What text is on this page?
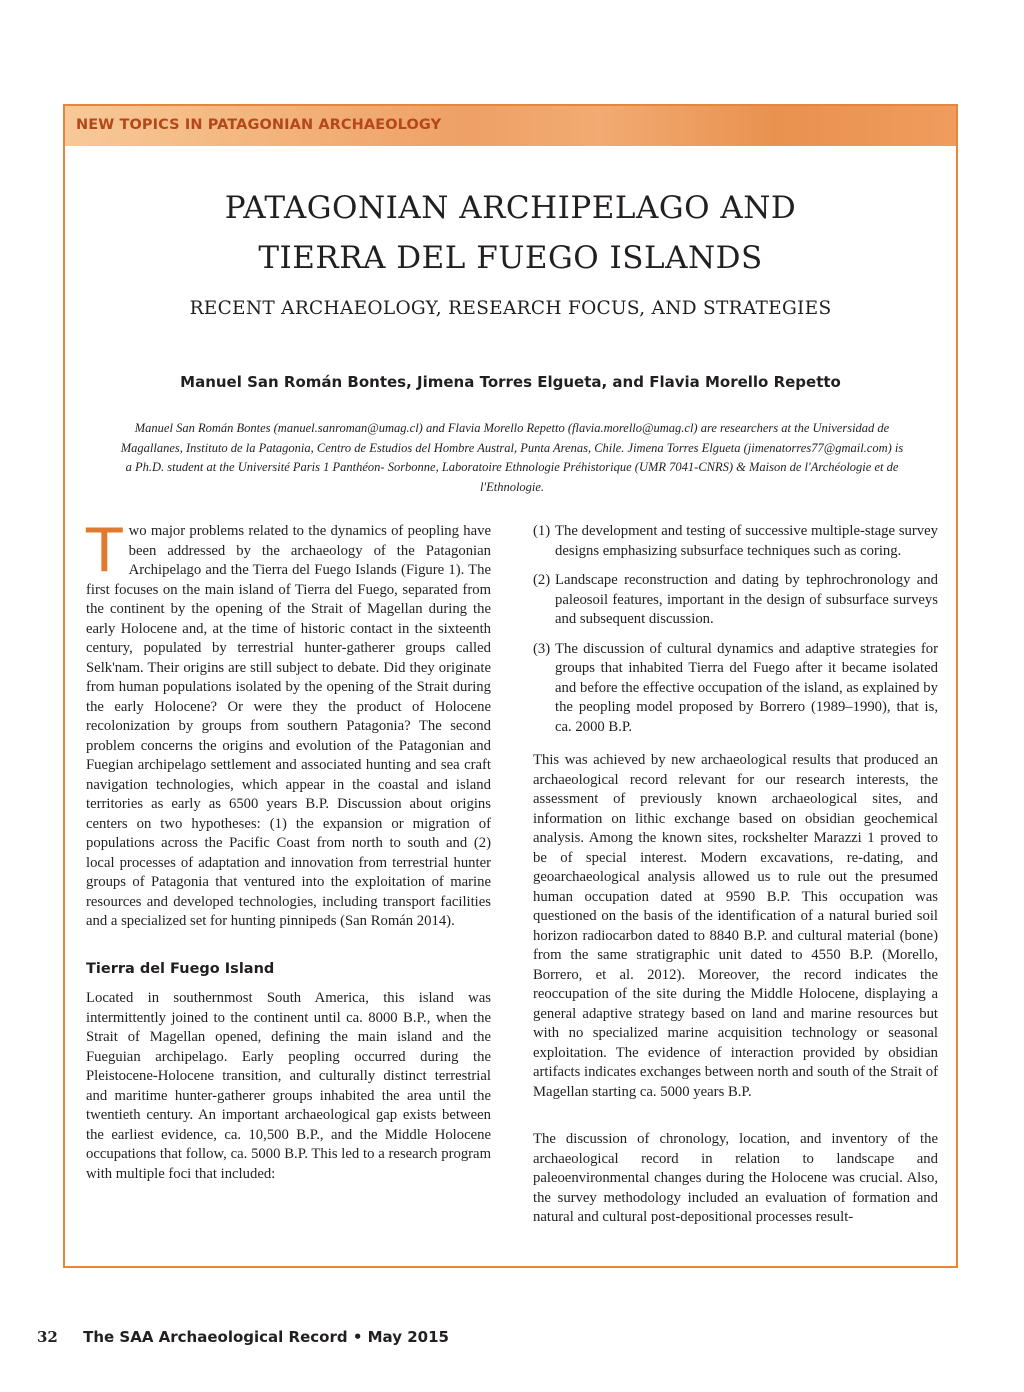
NEW TOPICS IN PATAGONIAN ARCHAEOLOGY
PATAGONIAN ARCHIPELAGO AND
TIERRA DEL FUEGO ISLANDS
RECENT ARCHAEOLOGY, RESEARCH FOCUS, AND STRATEGIES
Manuel San Román Bontes, Jimena Torres Elgueta, and Flavia Morello Repetto
Manuel San Román Bontes (manuel.sanroman@umag.cl) and Flavia Morello Repetto (flavia.morello@umag.cl) are researchers at the Universidad de Magallanes, Instituto de la Patagonia, Centro de Estudios del Hombre Austral, Punta Arenas, Chile. Jimena Torres Elgueta (jimenatorres77@gmail.com) is a Ph.D. student at the Université Paris 1 Panthéon- Sorbonne, Laboratoire Ethnologie Préhistorique (UMR 7041-CNRS) & Maison de l'Archéologie et de l'Ethnologie.

Two major problems related to the dynamics of peopling have been addressed by the archaeology of the Patagonian Archipelago and the Tierra del Fuego Islands (Figure 1). The first focuses on the main island of Tierra del Fuego, separated from the continent by the opening of the Strait of Magellan during the early Holocene and, at the time of historic contact in the sixteenth century, populated by terrestrial hunter-gatherer groups called Selk'nam. Their origins are still subject to debate. Did they originate from human populations isolated by the opening of the Strait during the early Holocene? Or were they the product of Holocene recolonization by groups from southern Patagonia? The second problem concerns the origins and evolution of the Patagonian and Fuegian archipelago settlement and associated hunting and sea craft navigation technologies, which appear in the coastal and island territories as early as 6500 years B.P. Discussion about origins centers on two hypotheses: (1) the expansion or migration of populations across the Pacific Coast from north to south and (2) local processes of adaptation and innovation from terrestrial hunter groups of Patagonia that ventured into the exploitation of marine resources and developed technologies, including transport facilities and a specialized set for hunting pinnipeds (San Román 2014).

Tierra del Fuego Island

Located in southernmost South America, this island was intermittently joined to the continent until ca. 8000 B.P., when the Strait of Magellan opened, defining the main island and the Fueguian archipelago. Early peopling occurred during the Pleistocene-Holocene transition, and culturally distinct terrestrial and maritime hunter-gatherer groups inhabited the area until the twentieth century. An important archaeological gap exists between the earliest evidence, ca. 10,500 B.P., and the Middle Holocene occupations that follow, ca. 5000 B.P. This led to a research program with multiple foci that included:

(1) The development and testing of successive multiple-stage survey designs emphasizing subsurface techniques such as coring.

(2) Landscape reconstruction and dating by tephrochronology and paleosoil features, important in the design of subsurface surveys and subsequent discussion.

(3) The discussion of cultural dynamics and adaptive strategies for groups that inhabited Tierra del Fuego after it became isolated and before the effective occupation of the island, as explained by the peopling model proposed by Borrero (1989–1990), that is, ca. 2000 B.P.

This was achieved by new archaeological results that produced an archaeological record relevant for our research interests, the assessment of previously known archaeological sites, and information on lithic exchange based on obsidian geochemical analysis. Among the known sites, rockshelter Marazzi 1 proved to be of special interest. Modern excavations, re-dating, and geoarchaeological analysis allowed us to rule out the presumed human occupation dated at 9590 B.P. This occupation was questioned on the basis of the identification of a natural buried soil horizon radiocarbon dated to 8840 B.P. and cultural material (bone) from the same stratigraphic unit dated to 4550 B.P. (Morello, Borrero, et al. 2012). Moreover, the record indicates the reoccupation of the site during the Middle Holocene, displaying a general adaptive strategy based on land and marine resources but with no specialized marine acquisition technology or seasonal exploitation. The evidence of interaction provided by obsidian artifacts indicates exchanges between north and south of the Strait of Magellan starting ca. 5000 years B.P.

The discussion of chronology, location, and inventory of the archaeological record in relation to landscape and paleoenvironmental changes during the Holocene was crucial. Also, the survey methodology included an evaluation of formation and natural and cultural post-depositional processes result-

32 The SAA Archaeological Record • May 2015
